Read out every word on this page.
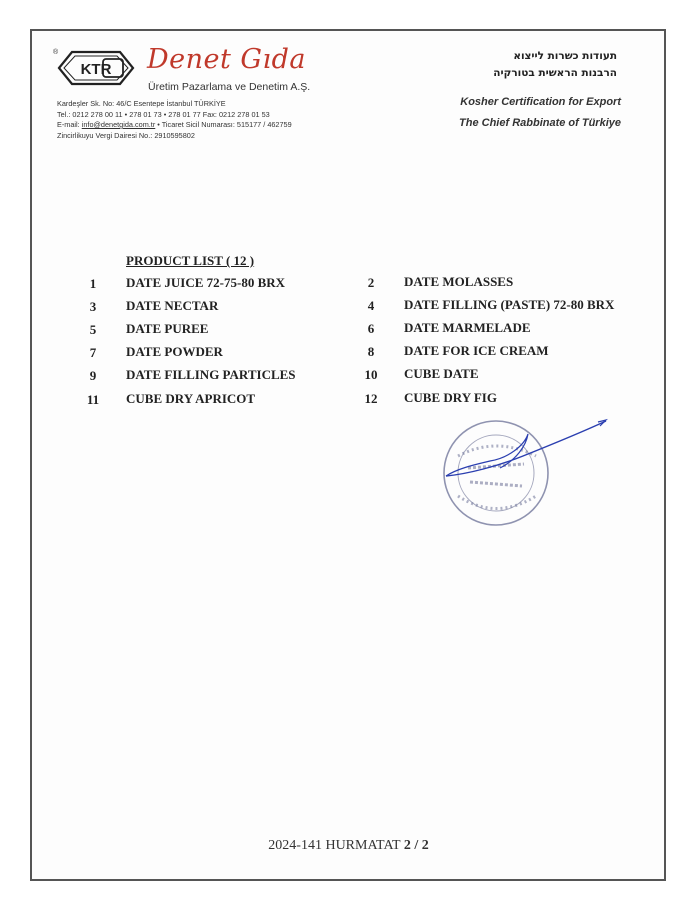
®
KTR Denet Gıda
Üretim Pazarlama ve Denetim A.Ş.
Kardeşler Sk. No: 46/C Esentepe İstanbul TÜRKİYE
Tel.: 0212 278 00 11 • 278 01 73 • 278 01 77 Fax: 0212 278 01 53
E-mail: info@denetgida.com.tr • Ticaret Sicil Numarası: 515177 / 462759
Zincirlikuyu Vergi Dairesi No.: 2910595802
תעודות כשרות לייצוא
הרבנות הראשית בטורקיה
Kosher Certification for Export
The Chief Rabbinate of Türkiye
PRODUCT LIST ( 12 )
1	DATE JUICE 72-75-80 BRX	2	DATE MOLASSES
3	DATE NECTAR	4	DATE FILLING (PASTE) 72-80 BRX
5	DATE PUREE	6	DATE MARMELADE
7	DATE POWDER	8	DATE FOR ICE CREAM
9	DATE FILLING PARTICLES	10	CUBE DATE
11	CUBE DRY APRICOT	12	CUBE DRY FIG
2024-141 HURMATAT 2 / 2
